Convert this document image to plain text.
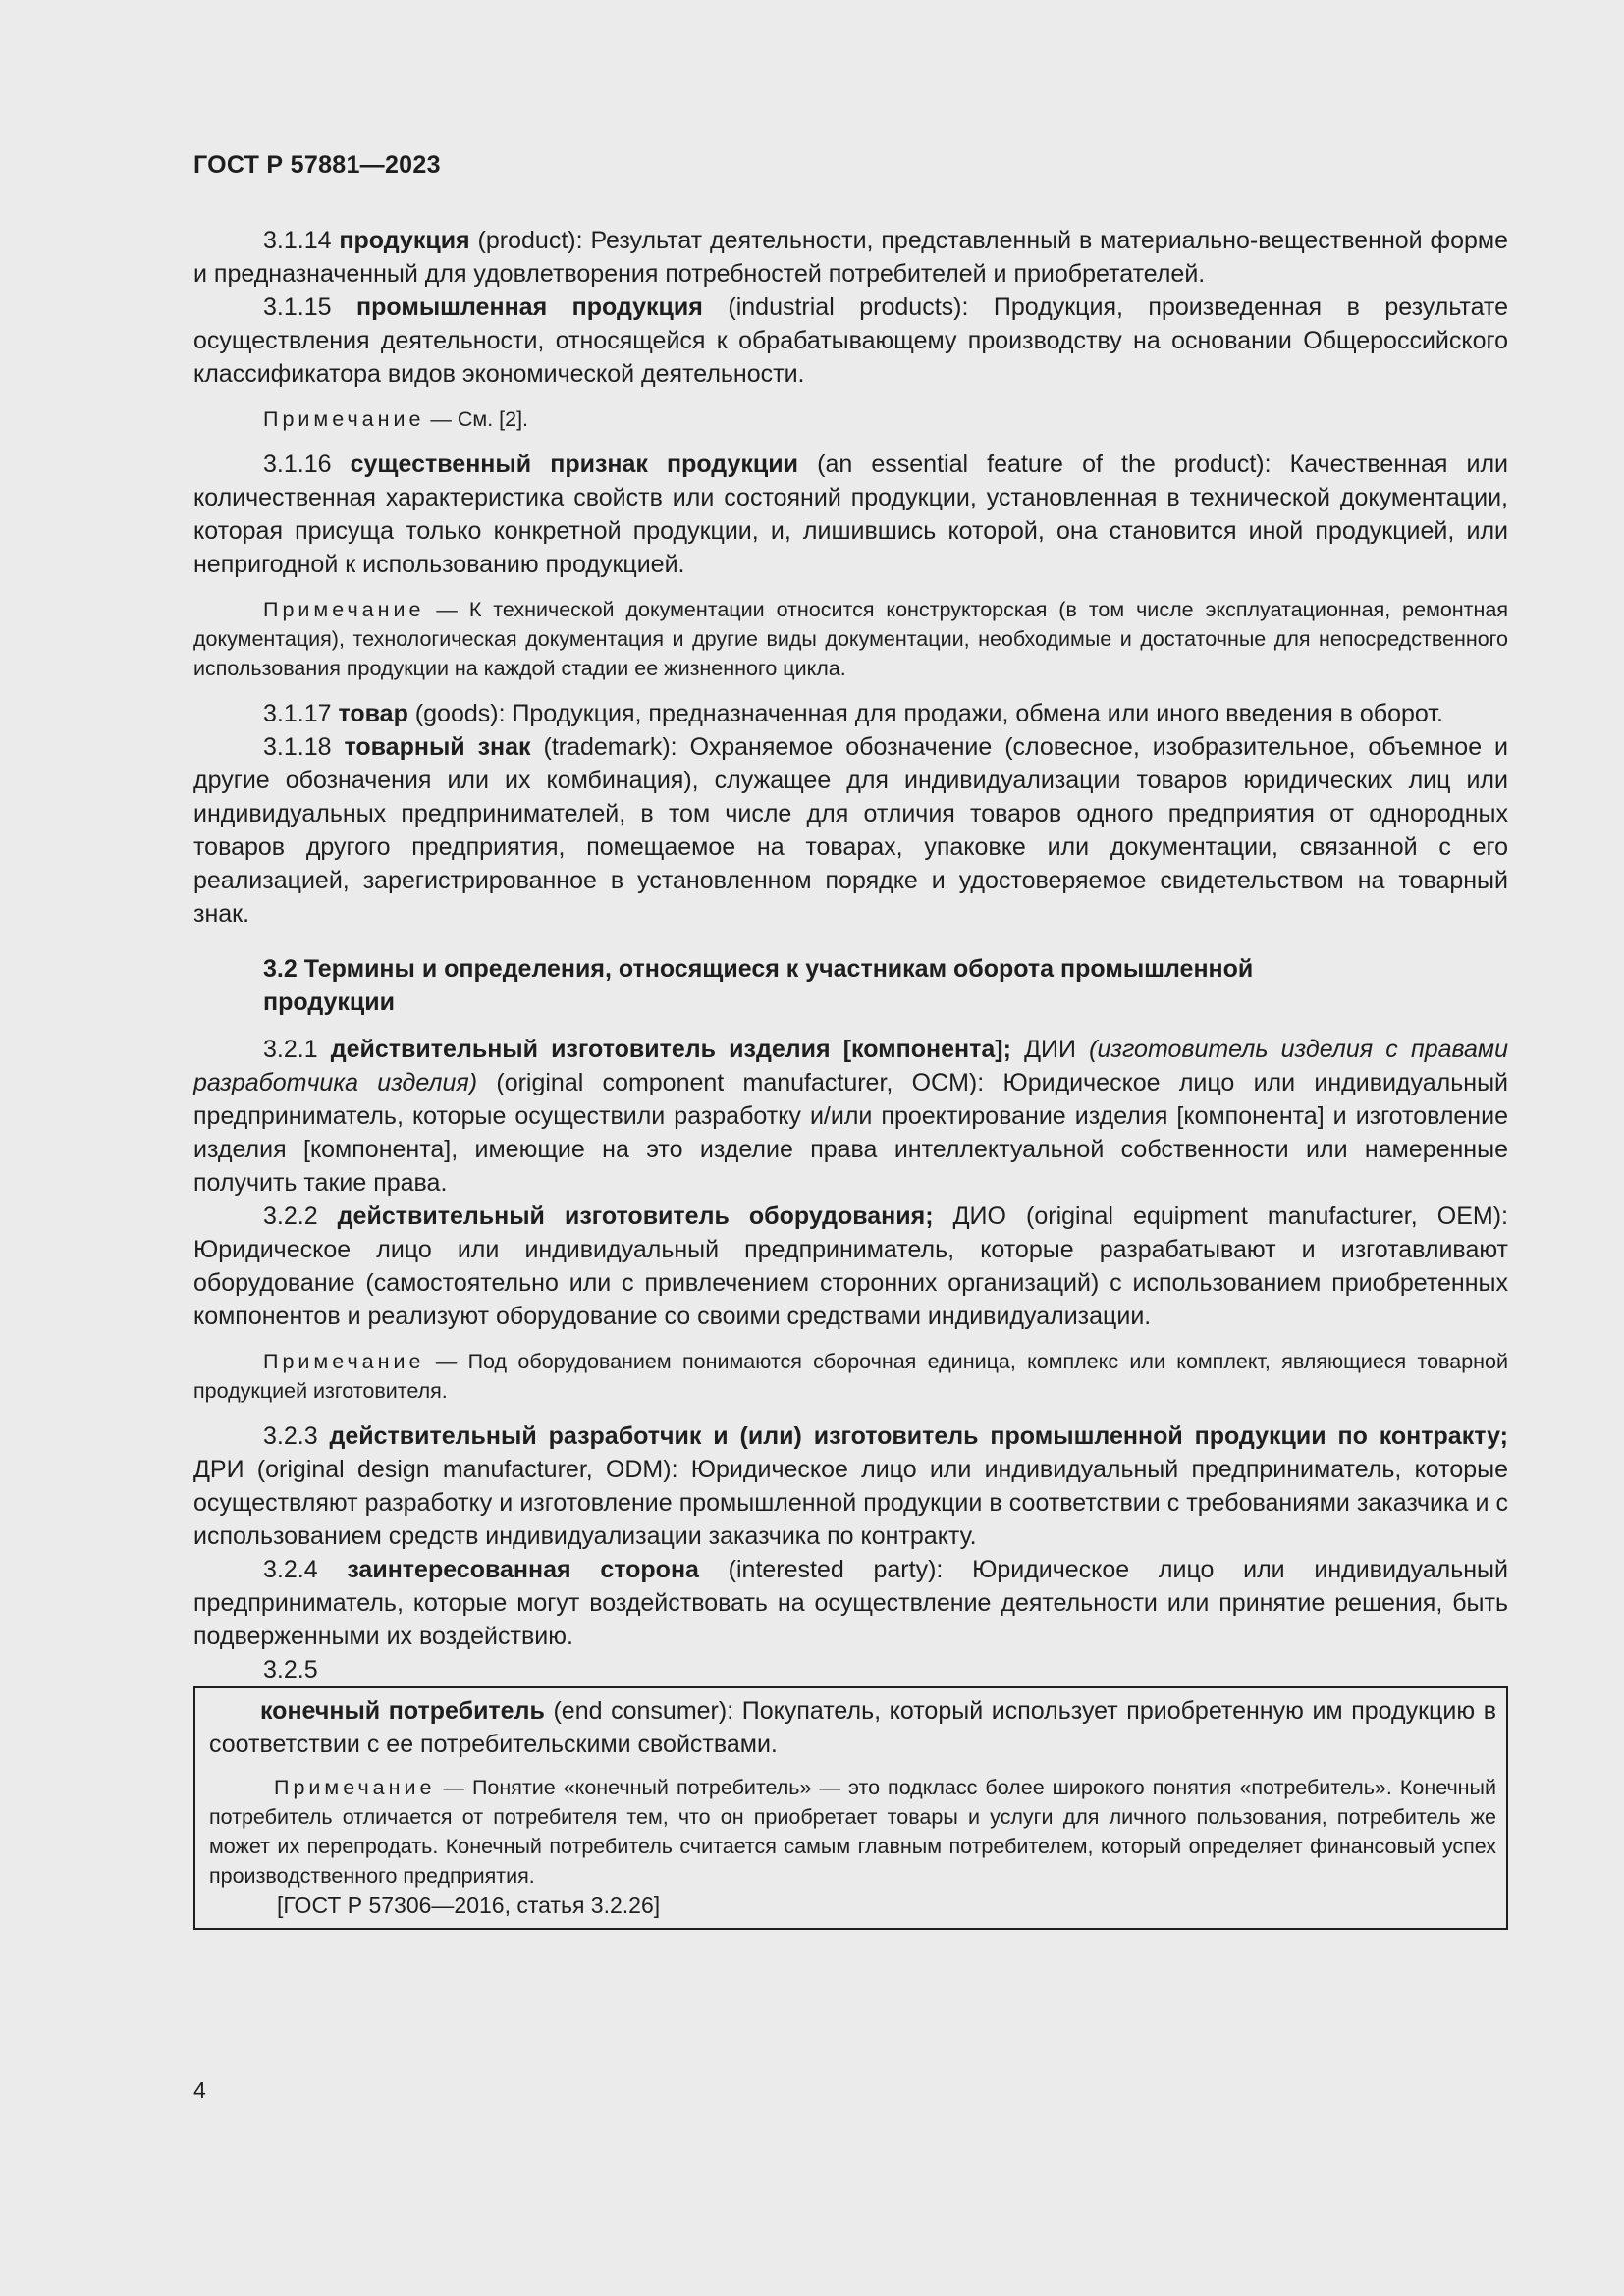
ГОСТ Р 57881—2023

3.1.14 продукция (product): Результат деятельности, представленный в материально-вещественной форме и предназначенный для удовлетворения потребностей потребителей и приобретателей.

3.1.15 промышленная продукция (industrial products): Продукция, произведенная в результате осуществления деятельности, относящейся к обрабатывающему производству на основании Общероссийского классификатора видов экономической деятельности.

Примечание — См. [2].

3.1.16 существенный признак продукции (an essential feature of the product): Качественная или количественная характеристика свойств или состояний продукции, установленная в технической документации, которая присуща только конкретной продукции, и, лишившись которой, она становится иной продукцией, или непригодной к использованию продукцией.

Примечание — К технической документации относится конструкторская (в том числе эксплуатационная, ремонтная документация), технологическая документация и другие виды документации, необходимые и достаточные для непосредственного использования продукции на каждой стадии ее жизненного цикла.

3.1.17 товар (goods): Продукция, предназначенная для продажи, обмена или иного введения в оборот.

3.1.18 товарный знак (trademark): Охраняемое обозначение (словесное, изобразительное, объемное и другие обозначения или их комбинация), служащее для индивидуализации товаров юридических лиц или индивидуальных предпринимателей, в том числе для отличия товаров одного предприятия от однородных товаров другого предприятия, помещаемое на товарах, упаковке или документации, связанной с его реализацией, зарегистрированное в установленном порядке и удостоверяемое свидетельством на товарный знак.

3.2 Термины и определения, относящиеся к участникам оборота промышленной продукции

3.2.1 действительный изготовитель изделия [компонента]; ДИИ (изготовитель изделия с правами разработчика изделия) (original component manufacturer, OCM): Юридическое лицо или индивидуальный предприниматель, которые осуществили разработку и/или проектирование изделия [компонента] и изготовление изделия [компонента], имеющие на это изделие права интеллектуальной собственности или намеренные получить такие права.

3.2.2 действительный изготовитель оборудования; ДИО (original equipment manufacturer, OEM): Юридическое лицо или индивидуальный предприниматель, которые разрабатывают и изготавливают оборудование (самостоятельно или с привлечением сторонних организаций) с использованием приобретенных компонентов и реализуют оборудование со своими средствами индивидуализации.

Примечание — Под оборудованием понимаются сборочная единица, комплекс или комплект, являющиеся товарной продукцией изготовителя.

3.2.3 действительный разработчик и (или) изготовитель промышленной продукции по контракту; ДРИ (original design manufacturer, ODM): Юридическое лицо или индивидуальный предприниматель, которые осуществляют разработку и изготовление промышленной продукции в соответствии с требованиями заказчика и с использованием средств индивидуализации заказчика по контракту.

3.2.4 заинтересованная сторона (interested party): Юридическое лицо или индивидуальный предприниматель, которые могут воздействовать на осуществление деятельности или принятие решения, быть подверженными их воздействию.

3.2.5

конечный потребитель (end consumer): Покупатель, который использует приобретенную им продукцию в соответствии с ее потребительскими свойствами.

Примечание — Понятие «конечный потребитель» — это подкласс более широкого понятия «потребитель». Конечный потребитель отличается от потребителя тем, что он приобретает товары и услуги для личного пользования, потребитель же может их перепродать. Конечный потребитель считается самым главным потребителем, который определяет финансовый успех производственного предприятия.

[ГОСТ Р 57306—2016, статья 3.2.26]

4
